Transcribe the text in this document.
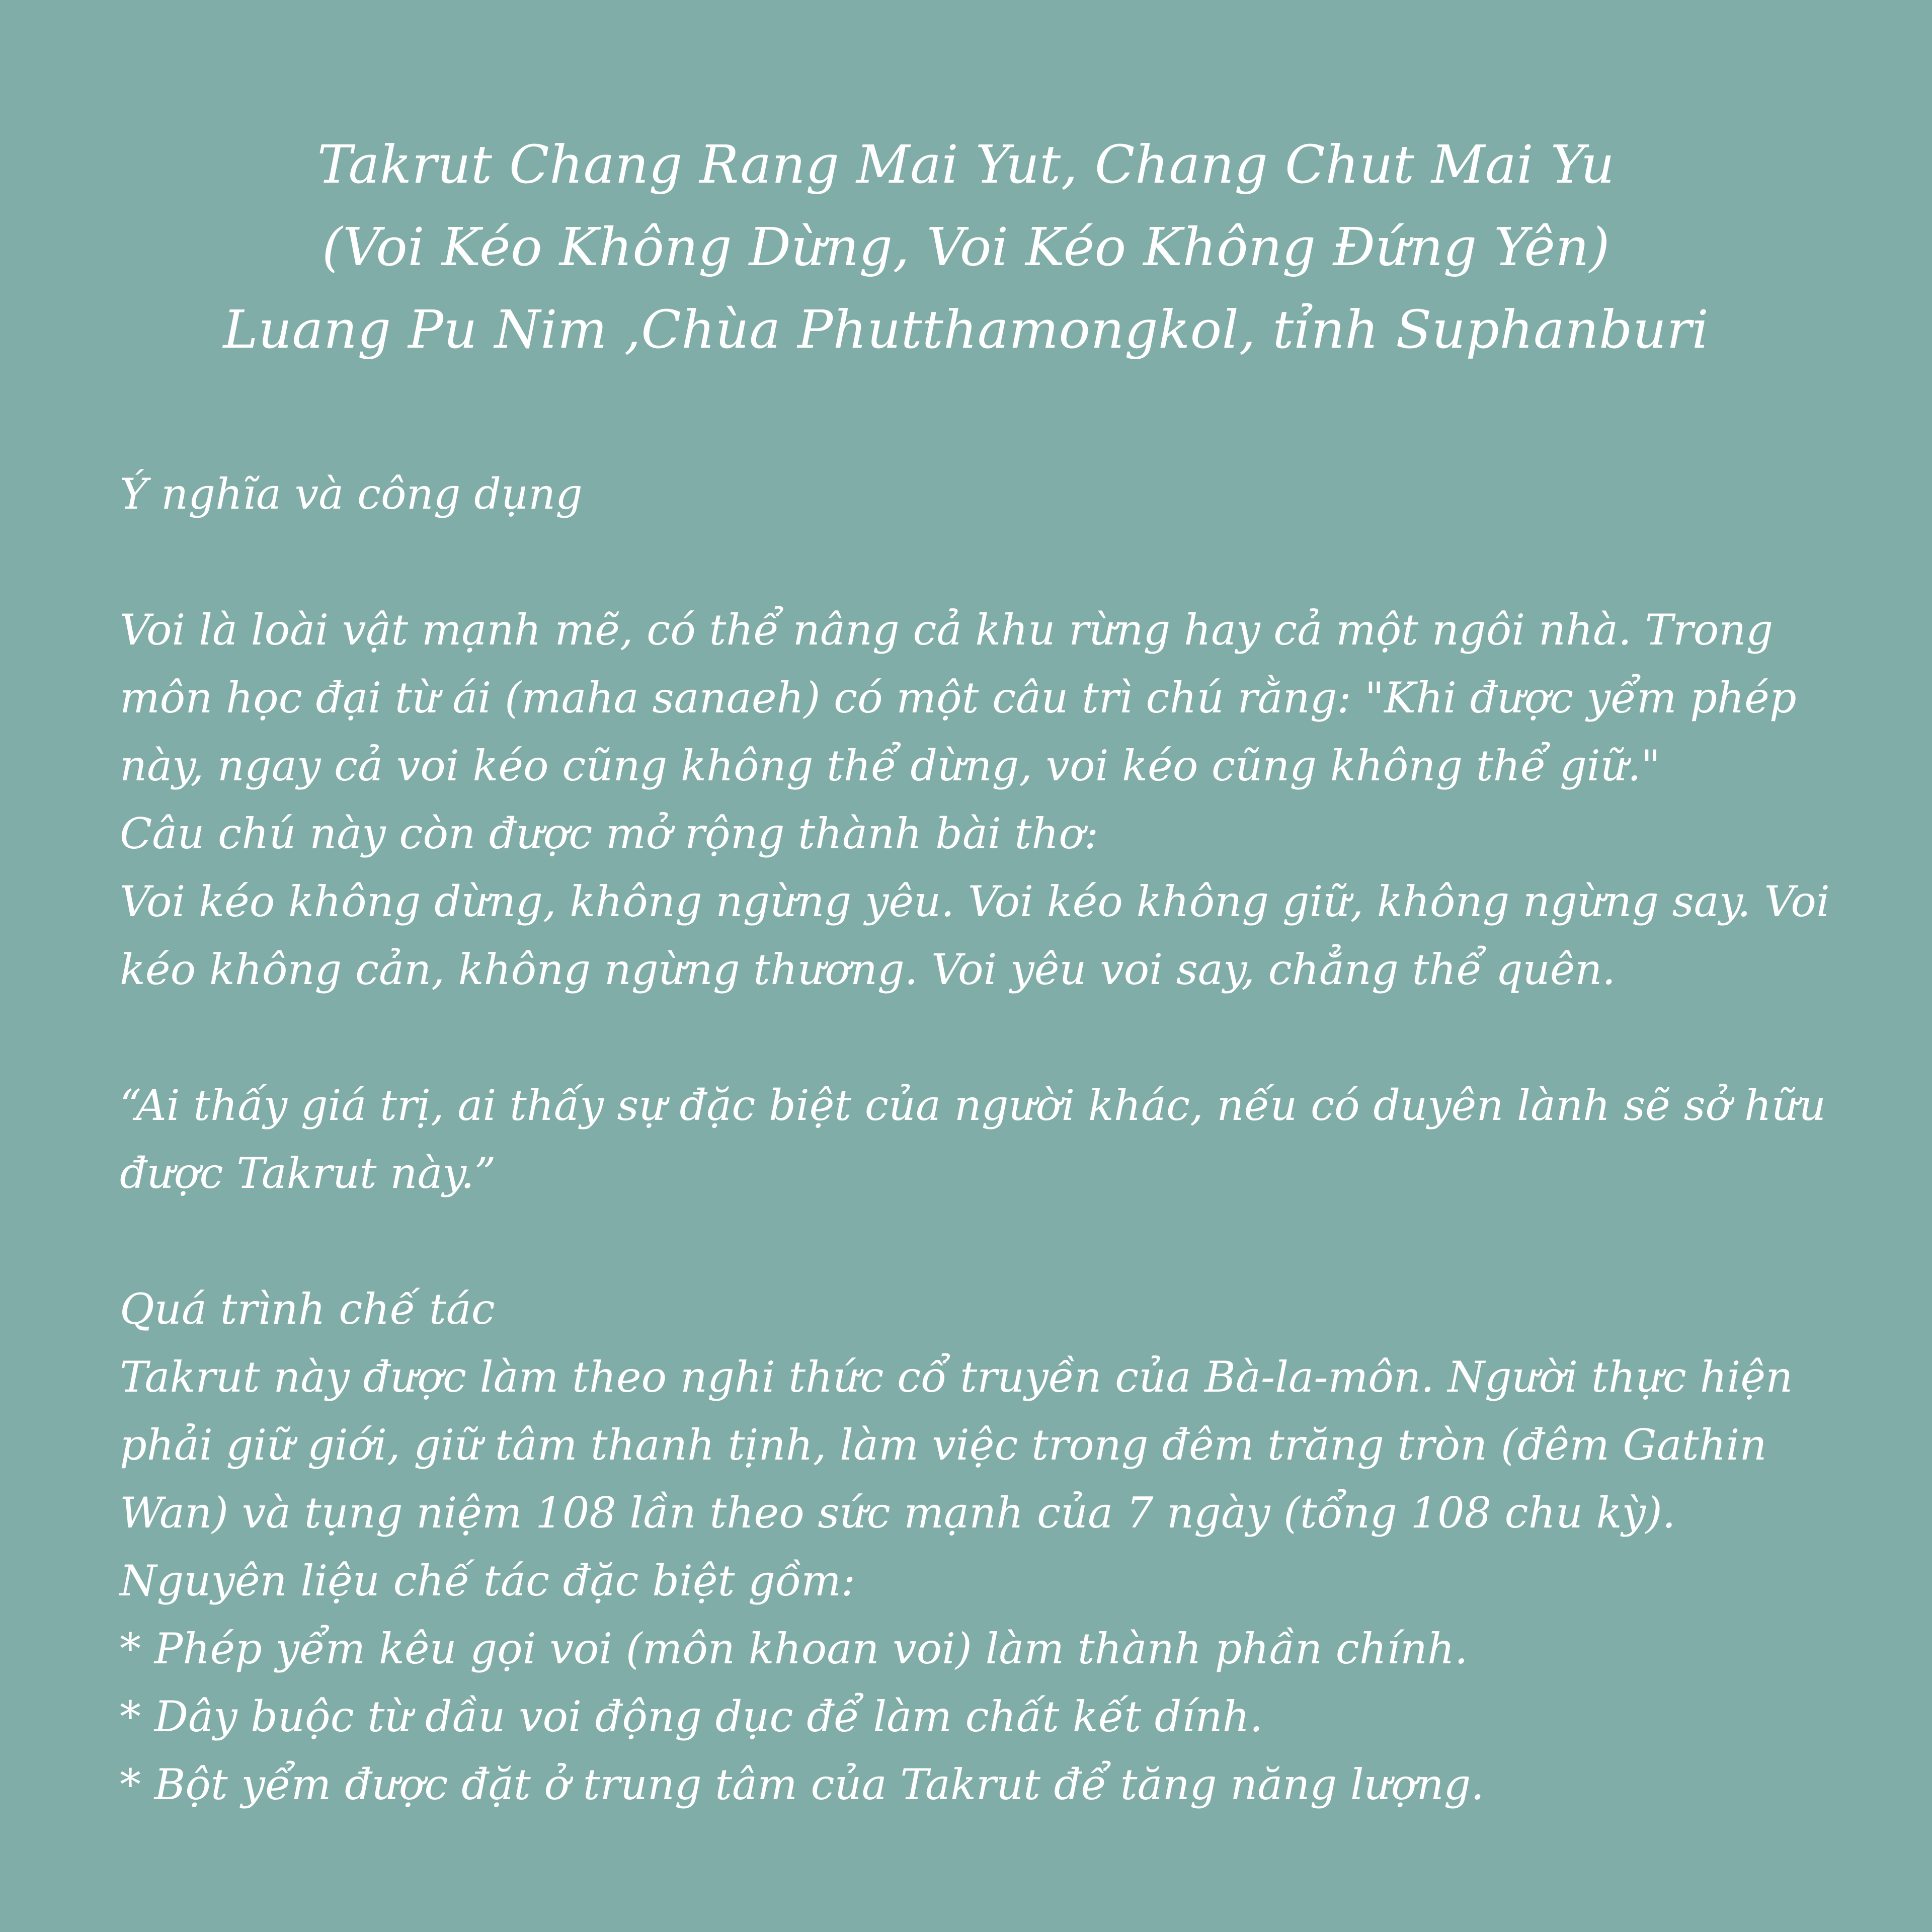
Takrut Chang Rang Mai Yut, Chang Chut Mai Yu
(Voi Kéo Không Dừng, Voi Kéo Không Đứng Yên)
Luang Pu Nim ,Chùa Phutthamongkol, tỉnh Suphanburi
Ý nghĩa và công dụng
Voi là loài vật mạnh mẽ, có thể nâng cả khu rừng hay cả một ngôi nhà. Trong
môn học đại từ ái (maha sanaeh) có một câu trì chú rằng: "Khi được yểm phép
này, ngay cả voi kéo cũng không thể dừng, voi kéo cũng không thể giữ."
Câu chú này còn được mở rộng thành bài thơ:
Voi kéo không dừng, không ngừng yêu. Voi kéo không giữ, không ngừng say. Voi
kéo không cản, không ngừng thương. Voi yêu voi say, chẳng thể quên.
“Ai thấy giá trị, ai thấy sự đặc biệt của người khác, nếu có duyên lành sẽ sở hữu
được Takrut này.”
Quá trình chế tác
Takrut này được làm theo nghi thức cổ truyền của Bà-la-môn. Người thực hiện
phải giữ giới, giữ tâm thanh tịnh, làm việc trong đêm trăng tròn (đêm Gathin
Wan) và tụng niệm 108 lần theo sức mạnh của 7 ngày (tổng 108 chu kỳ).
Nguyên liệu chế tác đặc biệt gồm:
* Phép yểm kêu gọi voi (môn khoan voi) làm thành phần chính.
* Dây buộc từ dầu voi động dục để làm chất kết dính.
* Bột yểm được đặt ở trung tâm của Takrut để tăng năng lượng.
